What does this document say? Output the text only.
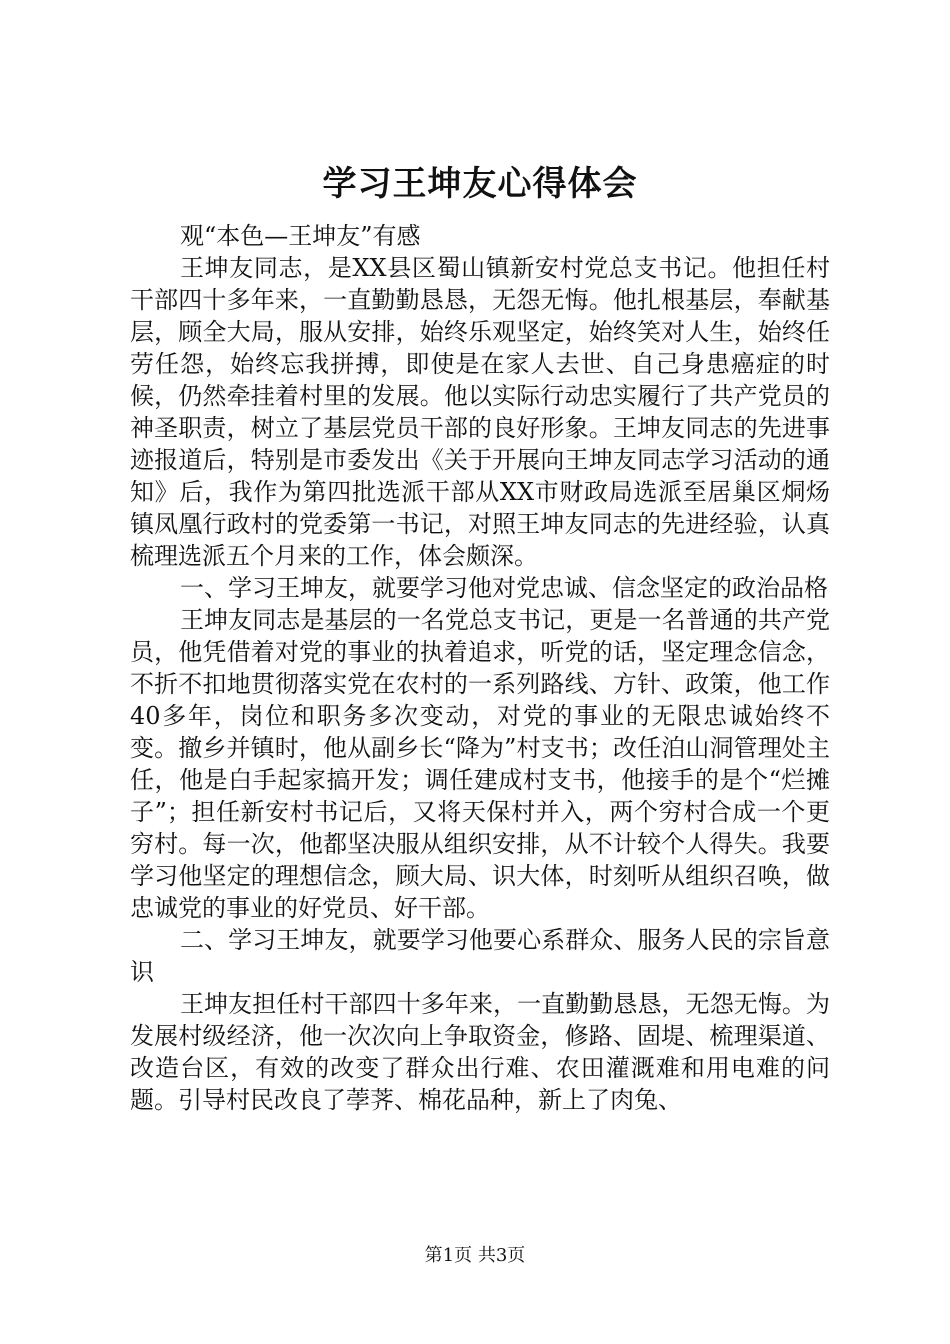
学习王坤友心得体会

观“本色—王坤友”有感

王坤友同志，是XX县区蜀山镇新安村党总支书记。他担任村干部四十多年来，一直勤勤恳恳，无怨无悔。他扎根基层，奉献基层，顾全大局，服从安排，始终乐观坚定，始终笑对人生，始终任劳任怨，始终忘我拼搏，即使是在家人去世、自己身患癌症的时候，仍然牵挂着村里的发展。他以实际行动忠实履行了共产党员的神圣职责，树立了基层党员干部的良好形象。王坤友同志的先进事迹报道后，特别是市委发出《关于开展向王坤友同志学习活动的通知》后，我作为第四批选派干部从XX市财政局选派至居巢区烔炀镇凤凰行政村的党委第一书记，对照王坤友同志的先进经验，认真梳理选派五个月来的工作，体会颇深。

一、学习王坤友，就要学习他对党忠诚、信念坚定的政治品格

王坤友同志是基层的一名党总支书记，更是一名普通的共产党员，他凭借着对党的事业的执着追求，听党的话，坚定理念信念，不折不扣地贯彻落实党在农村的一系列路线、方针、政策，他工作40多年，岗位和职务多次变动，对党的事业的无限忠诚始终不变。撤乡并镇时，他从副乡长“降为”村支书；改任泊山洞管理处主任，他是白手起家搞开发；调任建成村支书，他接手的是个“烂摊子”；担任新安村书记后，又将天保村并入，两个穷村合成一个更穷村。每一次，他都坚决服从组织安排，从不计较个人得失。我要学习他坚定的理想信念，顾大局、识大体，时刻听从组织召唤，做忠诚党的事业的好党员、好干部。

二、学习王坤友，就要学习他要心系群众、服务人民的宗旨意识

王坤友担任村干部四十多年来，一直勤勤恳恳，无怨无悔。为发展村级经济，他一次次向上争取资金，修路、固堤、梳理渠道、改造台区，有效的改变了群众出行难、农田灌溉难和用电难的问题。引导村民改良了荸荠、棉花品种，新上了肉兔、

第1页 共3页
